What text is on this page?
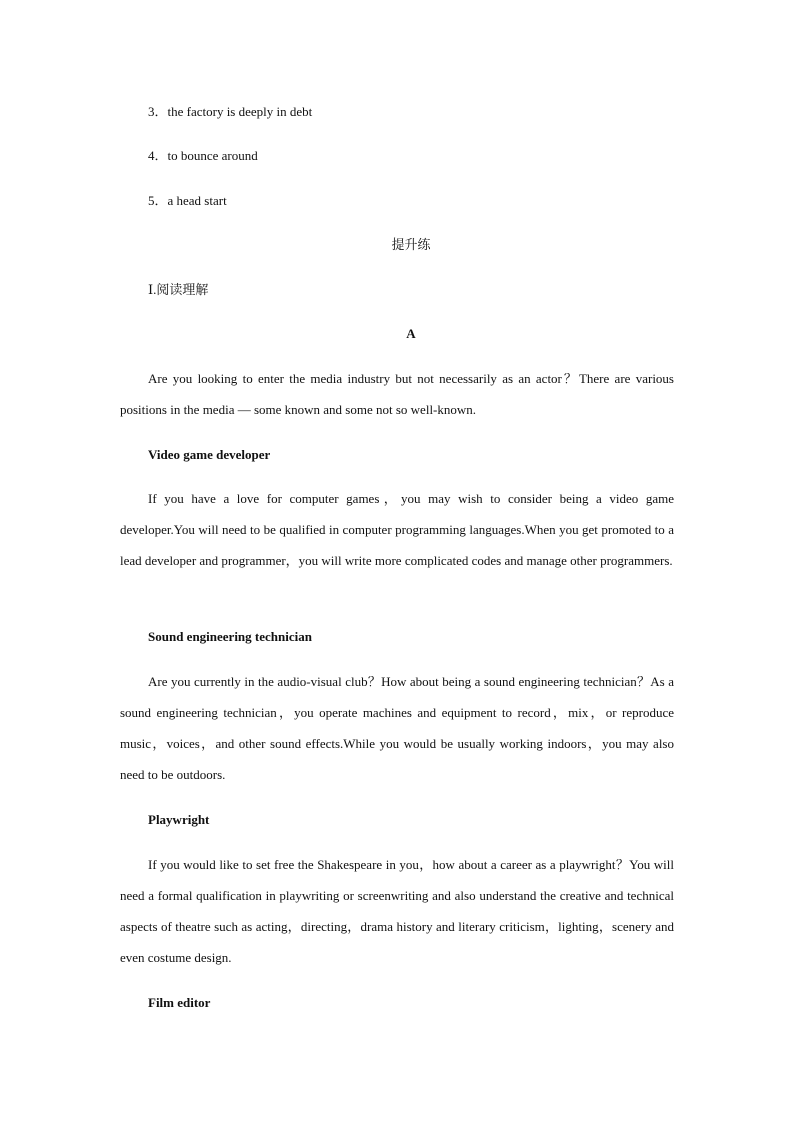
3．the factory is deeply in debt
4．to bounce around
5．a head start
提升练
Ⅰ.阅读理解
A
Are you looking to enter the media industry but not necessarily as an actor？There are various positions in the media — some known and some not so well-known.
Video game developer
If you have a love for computer games，you may wish to consider being a video game developer.You will need to be qualified in computer programming languages.When you get promoted to a lead developer and programmer，you will write more complicated codes and manage other programmers.
Sound engineering technician
Are you currently in the audio-visual club？How about being a sound engineering technician？As a sound engineering technician，you operate machines and equipment to record，mix，or reproduce music，voices，and other sound effects.While you would be usually working indoors，you may also need to be outdoors.
Playwright
If you would like to set free the Shakespeare in you，how about a career as a playwright？You will need a formal qualification in playwriting or screenwriting and also understand the creative and technical aspects of theatre such as acting，directing，drama history and literary criticism，lighting，scenery and even costume design.
Film editor
